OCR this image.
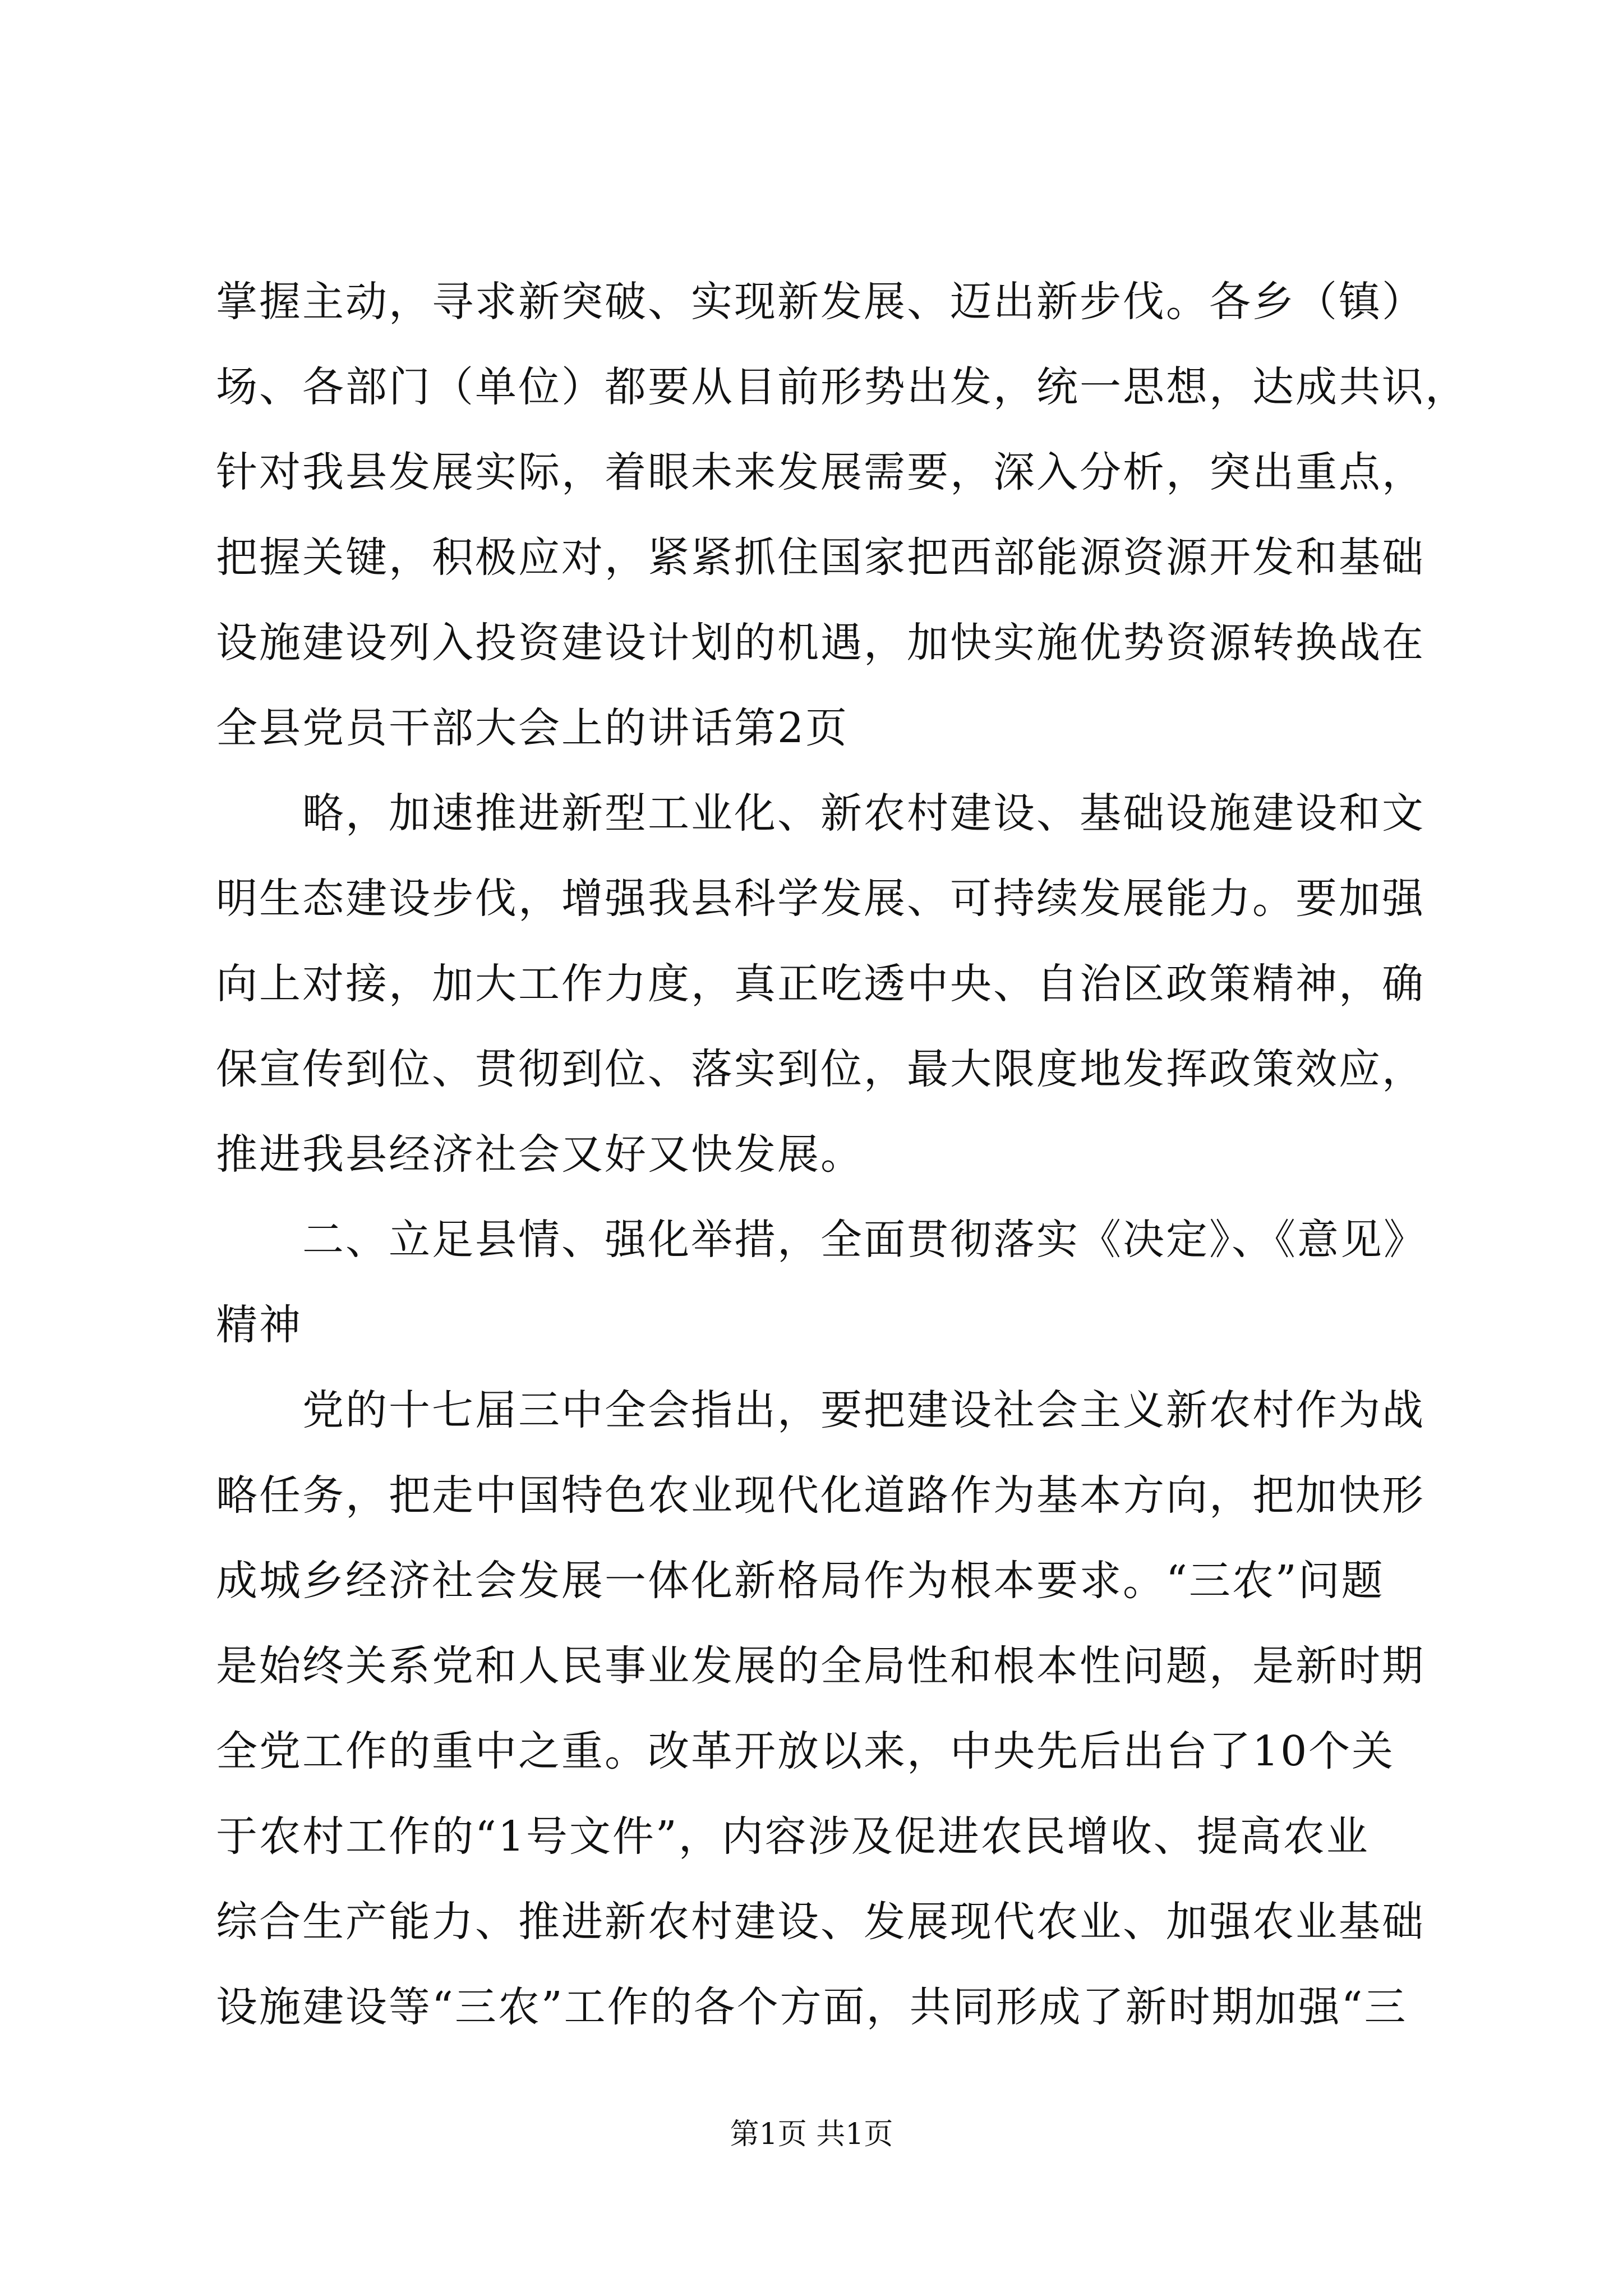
掌握主动，寻求新突破、实现新发展、迈出新步伐。各乡（镇）
场、各部门（单位）都要从目前形势出发，统一思想，达成共识，
针对我县发展实际，着眼未来发展需要，深入分析，突出重点，
把握关键，积极应对，紧紧抓住国家把西部能源资源开发和基础
设施建设列入投资建设计划的机遇，加快实施优势资源转换战在
全县党员干部大会上的讲话第2页
　　略，加速推进新型工业化、新农村建设、基础设施建设和文
明生态建设步伐，增强我县科学发展、可持续发展能力。要加强
向上对接，加大工作力度，真正吃透中央、自治区政策精神，确
保宣传到位、贯彻到位、落实到位，最大限度地发挥政策效应，
推进我县经济社会又好又快发展。
　　二、立足县情、强化举措，全面贯彻落实《决定》、《意见》
精神
　　党的十七届三中全会指出，要把建设社会主义新农村作为战
略任务，把走中国特色农业现代化道路作为基本方向，把加快形
成城乡经济社会发展一体化新格局作为根本要求。“三农”问题
是始终关系党和人民事业发展的全局性和根本性问题，是新时期
全党工作的重中之重。改革开放以来，中央先后出台了10个关
于农村工作的“1号文件”，内容涉及促进农民增收、提高农业
综合生产能力、推进新农村建设、发展现代农业、加强农业基础
设施建设等“三农”工作的各个方面，共同形成了新时期加强“三
第1页 共1页
